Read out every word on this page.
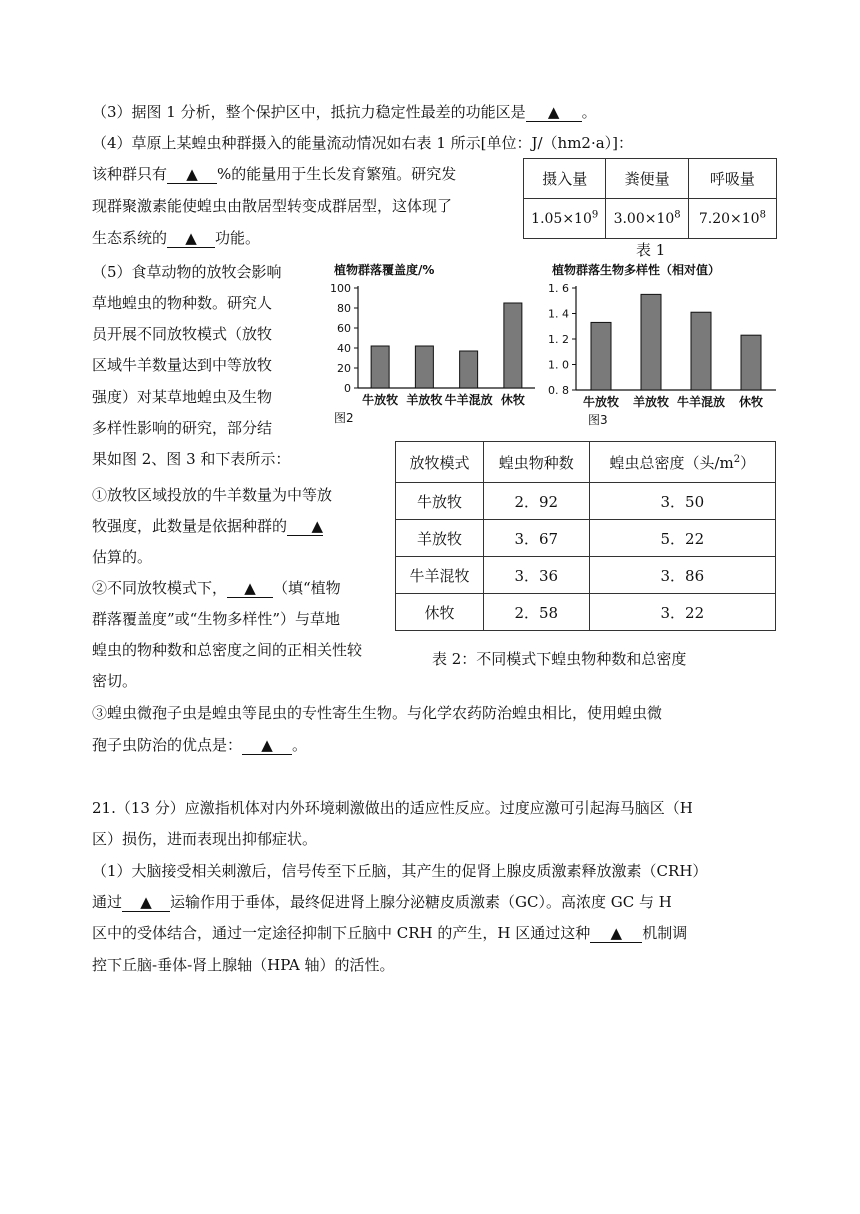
（3）据图 1 分析，整个保护区中，抵抗力稳定性最差的功能区是 ▲ 。
（4）草原上某蝗虫种群摄入的能量流动情况如右表 1 所示[单位：J/（hm2·a）]：
该种群只有 ▲ %的能量用于生长发育繁殖。研究发
现群聚激素能使蝗虫由散居型转变成群居型，这体现了
生态系统的 ▲ 功能。
摄入量	粪便量	呼吸量
$1.05\times 10^9$	$3.00\times 10^8$	$7.20\times 10^8$
表 1
（5）食草动物的放牧会影响
草地蝗虫的物种数。研究人
员开展不同放牧模式（放牧
区域牛羊数量达到中等放牧
强度）对某草地蝗虫及生物
多样性影响的研究，部分结
果如图 2、图 3 和下表所示：
植物群落覆盖度/%
0
20
40
60
80
100
牛放牧 羊放牧 牛羊混放 休牧
图2
植物群落生物多样性（相对值）
0. 8
1. 0
1. 2
1. 4
1. 6
牛放牧 羊放牧 牛羊混放 休牧
图3
①放牧区域投放的牛羊数量为中等放
牧强度，此数量是依据种群的 ▲
估算的。
②不同放牧模式下， ▲ （填“植物
群落覆盖度”或“生物多样性”）与草地
蝗虫的物种数和总密度之间的正相关性较
密切。
③蝗虫微孢子虫是蝗虫等昆虫的专性寄生生物。与化学农药防治蝗虫相比，使用蝗虫微
孢子虫防治的优点是： ▲ 。
放牧模式	蝗虫物种数	蝗虫总密度（头$/m^2$）
牛放牧	2．92	3．50
羊放牧	3．67	5．22
牛羊混牧	3．36	3．86
休牧	2．58	3．22
表 2：不同模式下蝗虫物种数和总密度
21.（13 分）应激指机体对内外环境刺激做出的适应性反应。过度应激可引起海马脑区（H
区）损伤，进而表现出抑郁症状。
（1）大脑接受相关刺激后，信号传至下丘脑，其产生的促肾上腺皮质激素释放激素（CRH）
通过 ▲ 运输作用于垂体，最终促进肾上腺分泌糖皮质激素（GC）。高浓度 GC 与 H
区中的受体结合，通过一定途径抑制下丘脑中 CRH 的产生，H 区通过这种 ▲ 机制调
控下丘脑-垂体-肾上腺轴（HPA 轴）的活性。
